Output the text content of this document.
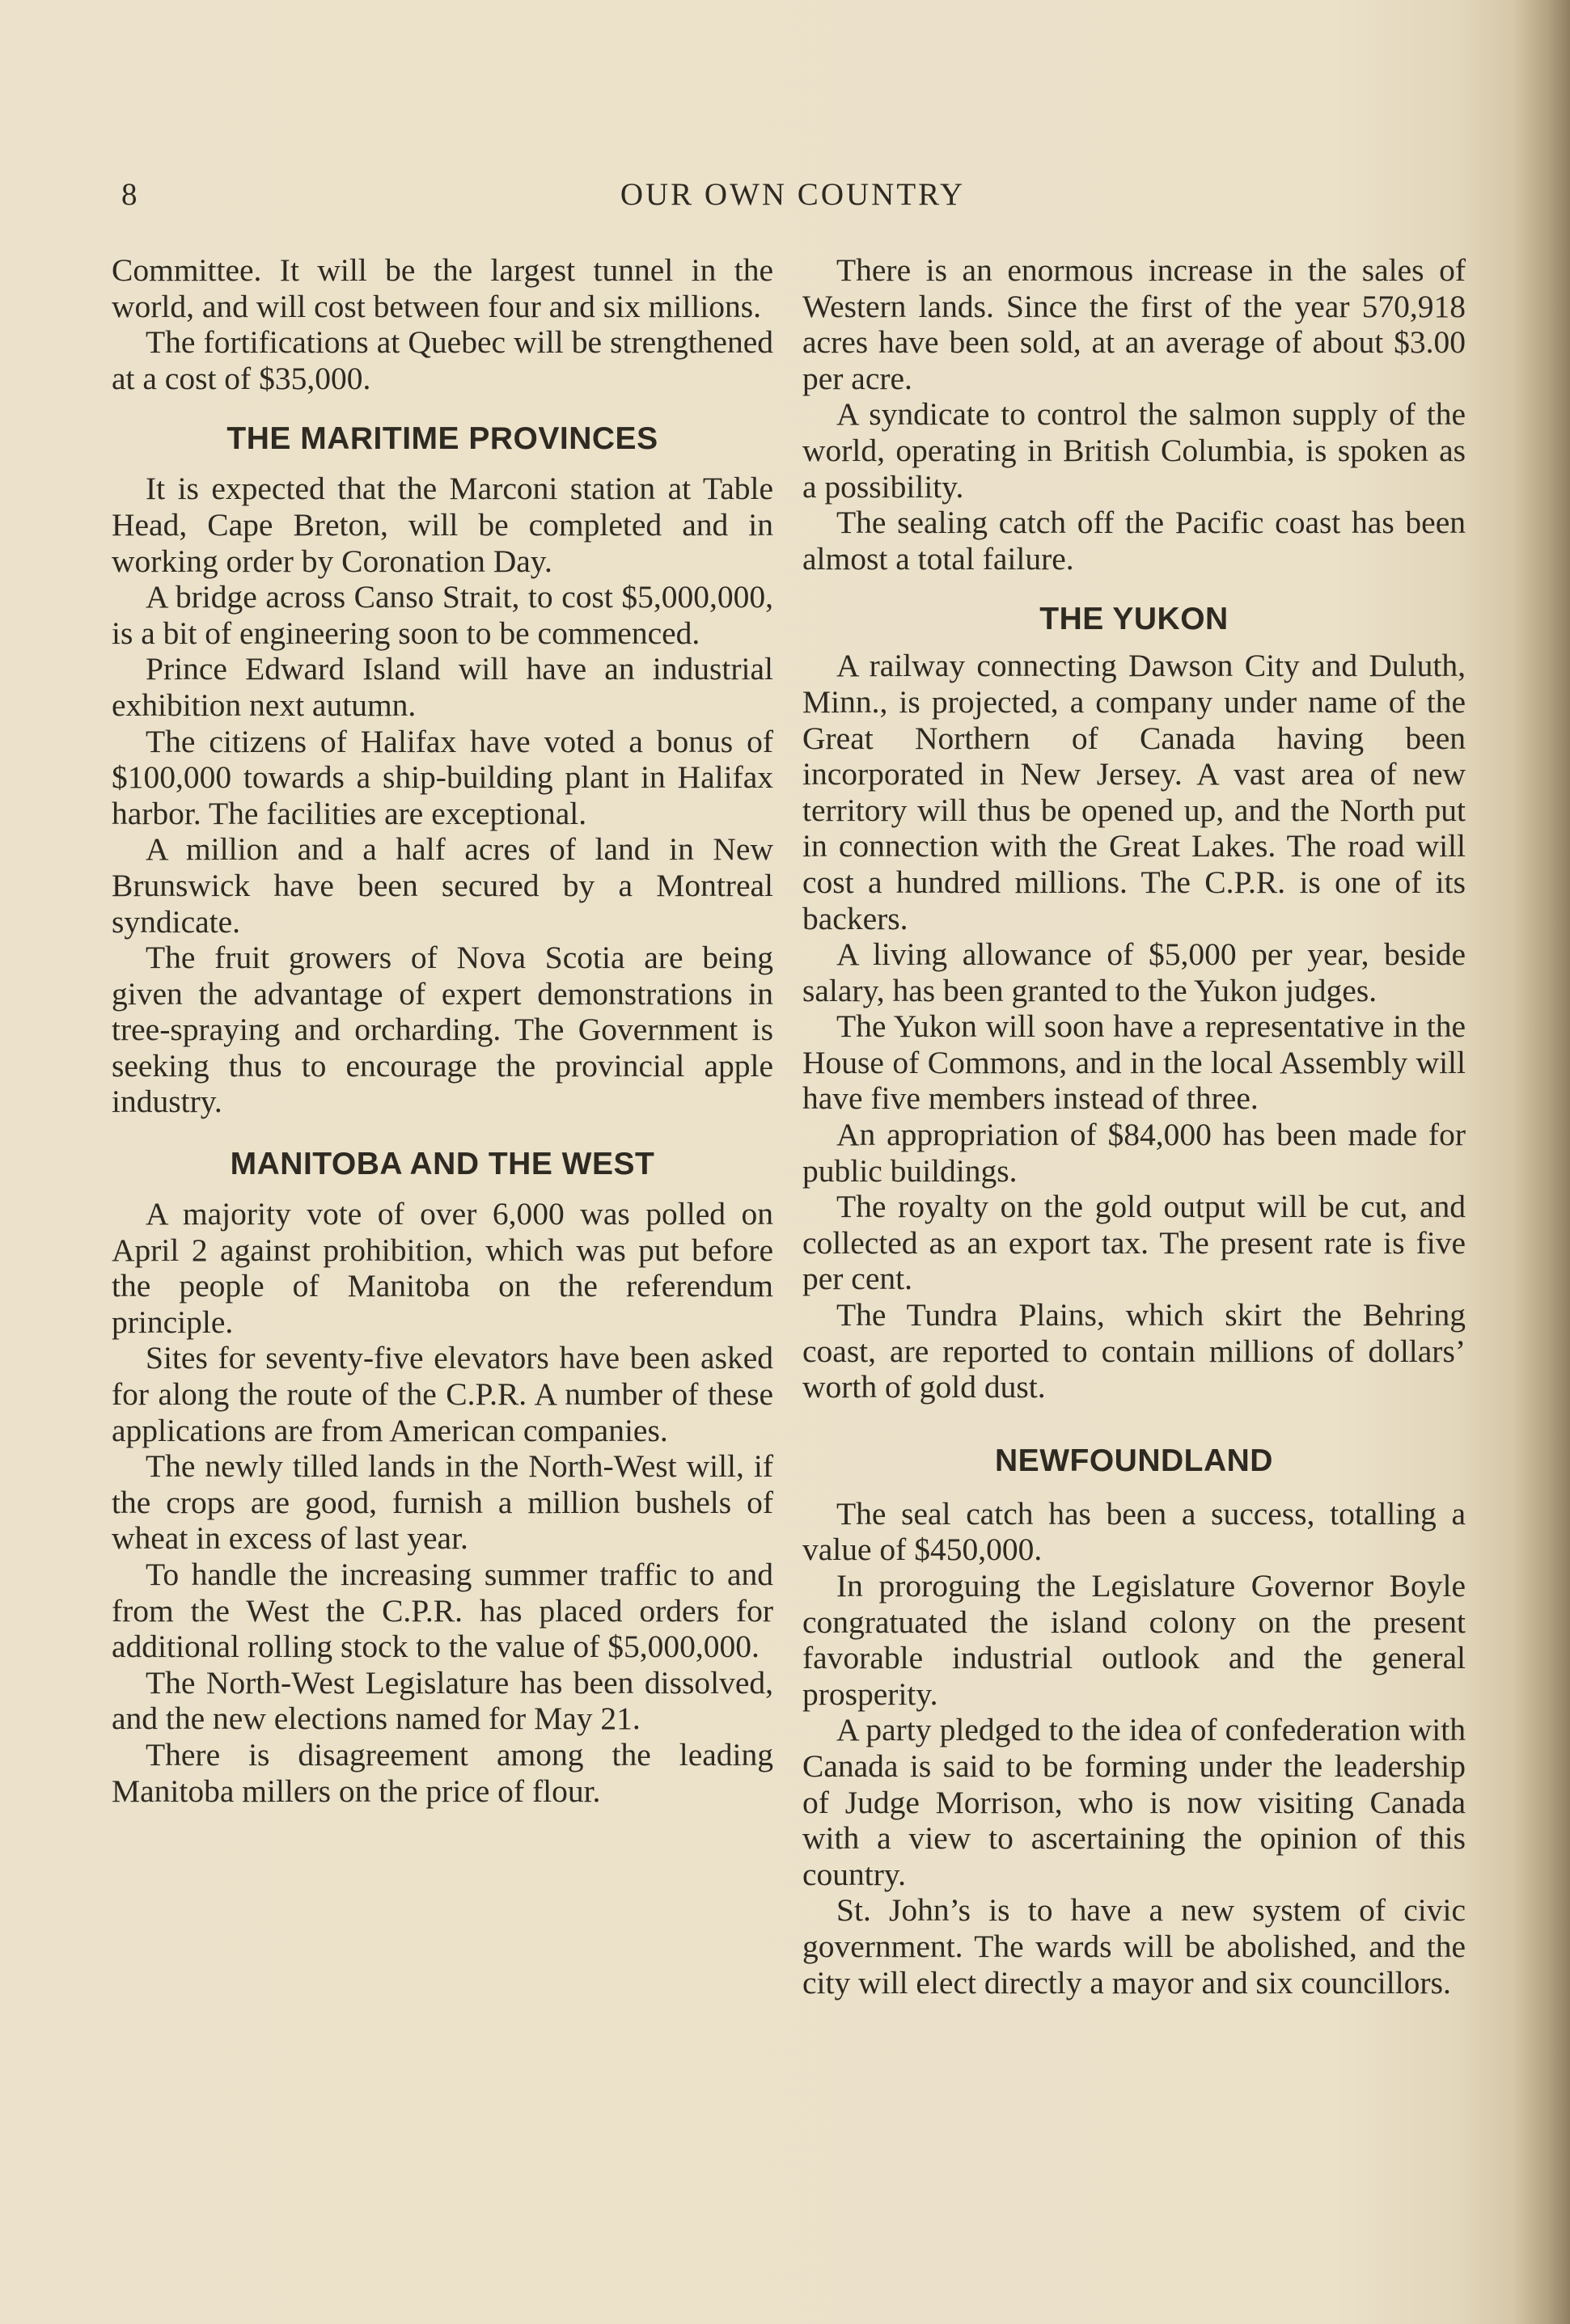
8	OUR OWN COUNTRY

Committee. It will be the largest tunnel in the world, and will cost between four and six millions.

The fortifications at Quebec will be strengthened at a cost of $35,000.

THE MARITIME PROVINCES

It is expected that the Marconi station at Table Head, Cape Breton, will be completed and in working order by Coronation Day.

A bridge across Canso Strait, to cost $5,000,000, is a bit of engineering soon to be commenced.

Prince Edward Island will have an industrial exhibition next autumn.

The citizens of Halifax have voted a bonus of $100,000 towards a ship-building plant in Halifax harbor. The facilities are exceptional.

A million and a half acres of land in New Brunswick have been secured by a Montreal syndicate.

The fruit growers of Nova Scotia are being given the advantage of expert demonstrations in tree-spraying and orcharding. The Government is seeking thus to encourage the provincial apple industry.

MANITOBA AND THE WEST

A majority vote of over 6,000 was polled on April 2 against prohibition, which was put before the people of Manitoba on the referendum principle.

Sites for seventy-five elevators have been asked for along the route of the C.P.R. A number of these applications are from American companies.

The newly tilled lands in the North-West will, if the crops are good, furnish a million bushels of wheat in excess of last year.

To handle the increasing summer traffic to and from the West the C.P.R. has placed orders for additional rolling stock to the value of $5,000,000.

The North-West Legislature has been dissolved, and the new elections named for May 21.

There is disagreement among the leading Manitoba millers on the price of flour.

There is an enormous increase in the sales of Western lands. Since the first of the year 570,918 acres have been sold, at an average of about $3.00 per acre.

A syndicate to control the salmon supply of the world, operating in British Columbia, is spoken as a possibility.

The sealing catch off the Pacific coast has been almost a total failure.

THE YUKON

A railway connecting Dawson City and Duluth, Minn., is projected, a company under name of the Great Northern of Canada having been incorporated in New Jersey. A vast area of new territory will thus be opened up, and the North put in connection with the Great Lakes. The road will cost a hundred millions. The C.P.R. is one of its backers.

A living allowance of $5,000 per year, beside salary, has been granted to the Yukon judges.

The Yukon will soon have a representative in the House of Commons, and in the local Assembly will have five members instead of three.

An appropriation of $84,000 has been made for public buildings.

The royalty on the gold output will be cut, and collected as an export tax. The present rate is five per cent.

The Tundra Plains, which skirt the Behring coast, are reported to contain millions of dollars’ worth of gold dust.

NEWFOUNDLAND

The seal catch has been a success, totalling a value of $450,000.

In proroguing the Legislature Governor Boyle congratuated the island colony on the present favorable industrial outlook and the general prosperity.

A party pledged to the idea of confederation with Canada is said to be forming under the leadership of Judge Morrison, who is now visiting Canada with a view to ascertaining the opinion of this country.

St. John’s is to have a new system of civic government. The wards will be abolished, and the city will elect directly a mayor and six councillors.
